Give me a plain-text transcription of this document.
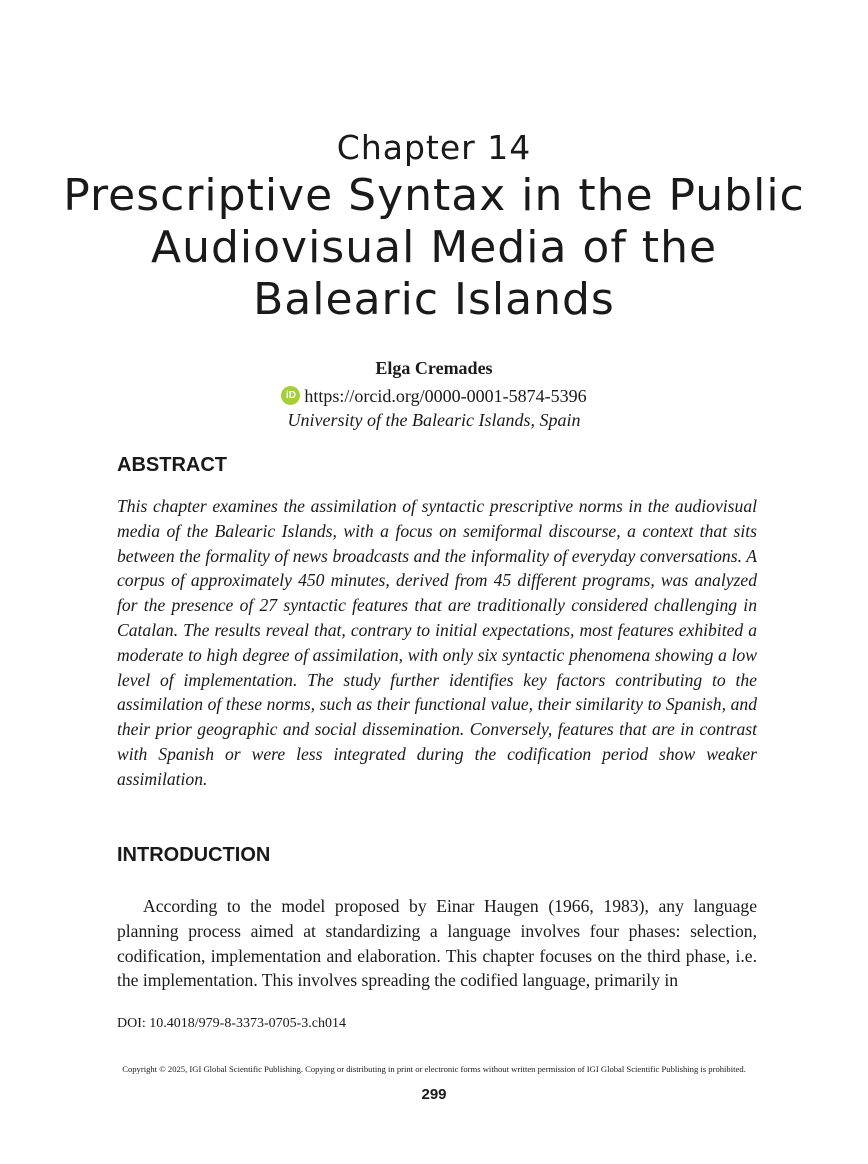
Chapter 14
Prescriptive Syntax in the Public Audiovisual Media of the Balearic Islands
Elga Cremades
iD https://orcid.org/0000-0001-5874-5396
University of the Balearic Islands, Spain
ABSTRACT

This chapter examines the assimilation of syntactic prescriptive norms in the audiovisual media of the Balearic Islands, with a focus on semiformal discourse, a context that sits between the formality of news broadcasts and the informality of everyday conversations. A corpus of approximately 450 minutes, derived from 45 different programs, was analyzed for the presence of 27 syntactic features that are traditionally considered challenging in Catalan. The results reveal that, contrary to initial expectations, most features exhibited a moderate to high degree of assimilation, with only six syntactic phenomena showing a low level of implementation. The study further identifies key factors contributing to the assimilation of these norms, such as their functional value, their similarity to Spanish, and their prior geographic and social dissemination. Conversely, features that are in contrast with Spanish or were less integrated during the codification period show weaker assimilation.

INTRODUCTION

According to the model proposed by Einar Haugen (1966, 1983), any language planning process aimed at standardizing a language involves four phases: selection, codification, implementation and elaboration. This chapter focuses on the third phase, i.e. the implementation. This involves spreading the codified language, primarily in

DOI: 10.4018/979-8-3373-0705-3.ch014
Copyright © 2025, IGI Global Scientific Publishing. Copying or distributing in print or electronic forms without written permission of IGI Global Scientific Publishing is prohibited.
299
